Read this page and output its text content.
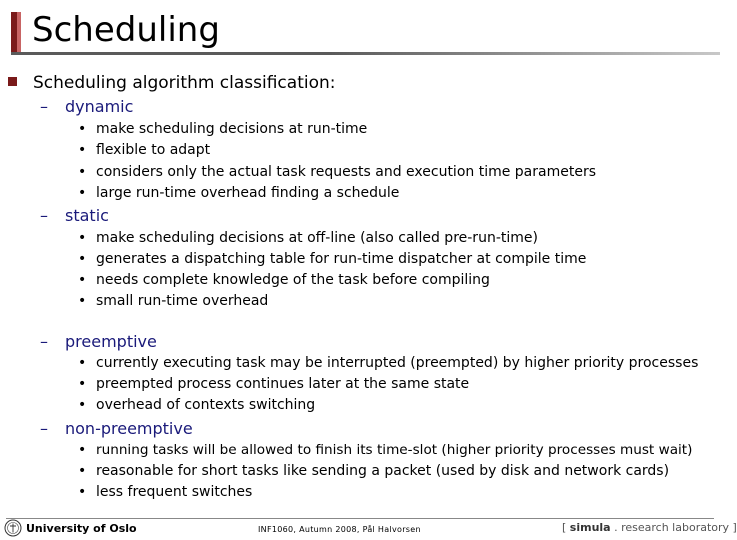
Scheduling
Scheduling algorithm classification:
– dynamic
• make scheduling decisions at run-time
• flexible to adapt
• considers only the actual task requests and execution time parameters
• large run-time overhead finding a schedule
– static
• make scheduling decisions at off-line (also called pre-run-time)
• generates a dispatching table for run-time dispatcher at compile time
• needs complete knowledge of the task before compiling
• small run-time overhead
– preemptive
• currently executing task may be interrupted (preempted) by higher priority processes
• preempted process continues later at the same state
• overhead of contexts switching
– non-preemptive
• running tasks will be allowed to finish its time-slot (higher priority processes must wait)
• reasonable for short tasks like sending a packet (used by disk and network cards)
• less frequent switches
University of Oslo	INF1060, Autumn 2008, Pål Halvorsen	[ simula . research laboratory ]
